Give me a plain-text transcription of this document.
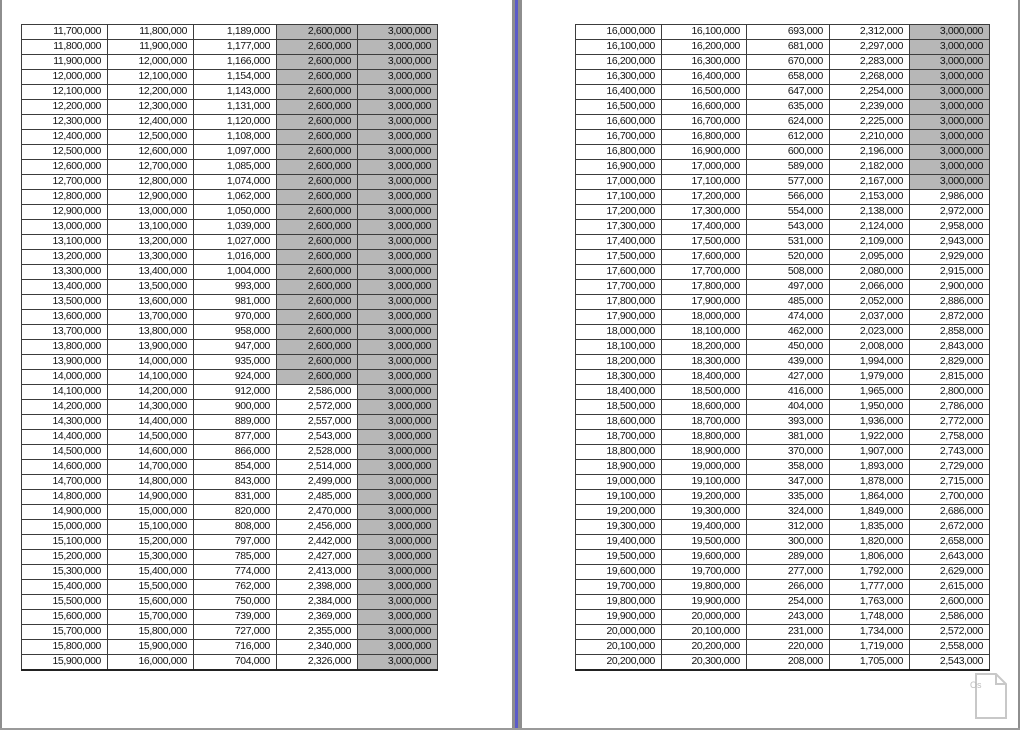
11,700,000	11,800,000	1,189,000	2,600,000	3,000,000
11,800,000	11,900,000	1,177,000	2,600,000	3,000,000
11,900,000	12,000,000	1,166,000	2,600,000	3,000,000
12,000,000	12,100,000	1,154,000	2,600,000	3,000,000
12,100,000	12,200,000	1,143,000	2,600,000	3,000,000
12,200,000	12,300,000	1,131,000	2,600,000	3,000,000
12,300,000	12,400,000	1,120,000	2,600,000	3,000,000
12,400,000	12,500,000	1,108,000	2,600,000	3,000,000
12,500,000	12,600,000	1,097,000	2,600,000	3,000,000
12,600,000	12,700,000	1,085,000	2,600,000	3,000,000
12,700,000	12,800,000	1,074,000	2,600,000	3,000,000
12,800,000	12,900,000	1,062,000	2,600,000	3,000,000
12,900,000	13,000,000	1,050,000	2,600,000	3,000,000
13,000,000	13,100,000	1,039,000	2,600,000	3,000,000
13,100,000	13,200,000	1,027,000	2,600,000	3,000,000
13,200,000	13,300,000	1,016,000	2,600,000	3,000,000
13,300,000	13,400,000	1,004,000	2,600,000	3,000,000
13,400,000	13,500,000	993,000	2,600,000	3,000,000
13,500,000	13,600,000	981,000	2,600,000	3,000,000
13,600,000	13,700,000	970,000	2,600,000	3,000,000
13,700,000	13,800,000	958,000	2,600,000	3,000,000
13,800,000	13,900,000	947,000	2,600,000	3,000,000
13,900,000	14,000,000	935,000	2,600,000	3,000,000
14,000,000	14,100,000	924,000	2,600,000	3,000,000
14,100,000	14,200,000	912,000	2,586,000	3,000,000
14,200,000	14,300,000	900,000	2,572,000	3,000,000
14,300,000	14,400,000	889,000	2,557,000	3,000,000
14,400,000	14,500,000	877,000	2,543,000	3,000,000
14,500,000	14,600,000	866,000	2,528,000	3,000,000
14,600,000	14,700,000	854,000	2,514,000	3,000,000
14,700,000	14,800,000	843,000	2,499,000	3,000,000
14,800,000	14,900,000	831,000	2,485,000	3,000,000
14,900,000	15,000,000	820,000	2,470,000	3,000,000
15,000,000	15,100,000	808,000	2,456,000	3,000,000
15,100,000	15,200,000	797,000	2,442,000	3,000,000
15,200,000	15,300,000	785,000	2,427,000	3,000,000
15,300,000	15,400,000	774,000	2,413,000	3,000,000
15,400,000	15,500,000	762,000	2,398,000	3,000,000
15,500,000	15,600,000	750,000	2,384,000	3,000,000
15,600,000	15,700,000	739,000	2,369,000	3,000,000
15,700,000	15,800,000	727,000	2,355,000	3,000,000
15,800,000	15,900,000	716,000	2,340,000	3,000,000
15,900,000	16,000,000	704,000	2,326,000	3,000,000
16,000,000	16,100,000	693,000	2,312,000	3,000,000
16,100,000	16,200,000	681,000	2,297,000	3,000,000
16,200,000	16,300,000	670,000	2,283,000	3,000,000
16,300,000	16,400,000	658,000	2,268,000	3,000,000
16,400,000	16,500,000	647,000	2,254,000	3,000,000
16,500,000	16,600,000	635,000	2,239,000	3,000,000
16,600,000	16,700,000	624,000	2,225,000	3,000,000
16,700,000	16,800,000	612,000	2,210,000	3,000,000
16,800,000	16,900,000	600,000	2,196,000	3,000,000
16,900,000	17,000,000	589,000	2,182,000	3,000,000
17,000,000	17,100,000	577,000	2,167,000	3,000,000
17,100,000	17,200,000	566,000	2,153,000	2,986,000
17,200,000	17,300,000	554,000	2,138,000	2,972,000
17,300,000	17,400,000	543,000	2,124,000	2,958,000
17,400,000	17,500,000	531,000	2,109,000	2,943,000
17,500,000	17,600,000	520,000	2,095,000	2,929,000
17,600,000	17,700,000	508,000	2,080,000	2,915,000
17,700,000	17,800,000	497,000	2,066,000	2,900,000
17,800,000	17,900,000	485,000	2,052,000	2,886,000
17,900,000	18,000,000	474,000	2,037,000	2,872,000
18,000,000	18,100,000	462,000	2,023,000	2,858,000
18,100,000	18,200,000	450,000	2,008,000	2,843,000
18,200,000	18,300,000	439,000	1,994,000	2,829,000
18,300,000	18,400,000	427,000	1,979,000	2,815,000
18,400,000	18,500,000	416,000	1,965,000	2,800,000
18,500,000	18,600,000	404,000	1,950,000	2,786,000
18,600,000	18,700,000	393,000	1,936,000	2,772,000
18,700,000	18,800,000	381,000	1,922,000	2,758,000
18,800,000	18,900,000	370,000	1,907,000	2,743,000
18,900,000	19,000,000	358,000	1,893,000	2,729,000
19,000,000	19,100,000	347,000	1,878,000	2,715,000
19,100,000	19,200,000	335,000	1,864,000	2,700,000
19,200,000	19,300,000	324,000	1,849,000	2,686,000
19,300,000	19,400,000	312,000	1,835,000	2,672,000
19,400,000	19,500,000	300,000	1,820,000	2,658,000
19,500,000	19,600,000	289,000	1,806,000	2,643,000
19,600,000	19,700,000	277,000	1,792,000	2,629,000
19,700,000	19,800,000	266,000	1,777,000	2,615,000
19,800,000	19,900,000	254,000	1,763,000	2,600,000
19,900,000	20,000,000	243,000	1,748,000	2,586,000
20,000,000	20,100,000	231,000	1,734,000	2,572,000
20,100,000	20,200,000	220,000	1,719,000	2,558,000
20,200,000	20,300,000	208,000	1,705,000	2,543,000
Os
